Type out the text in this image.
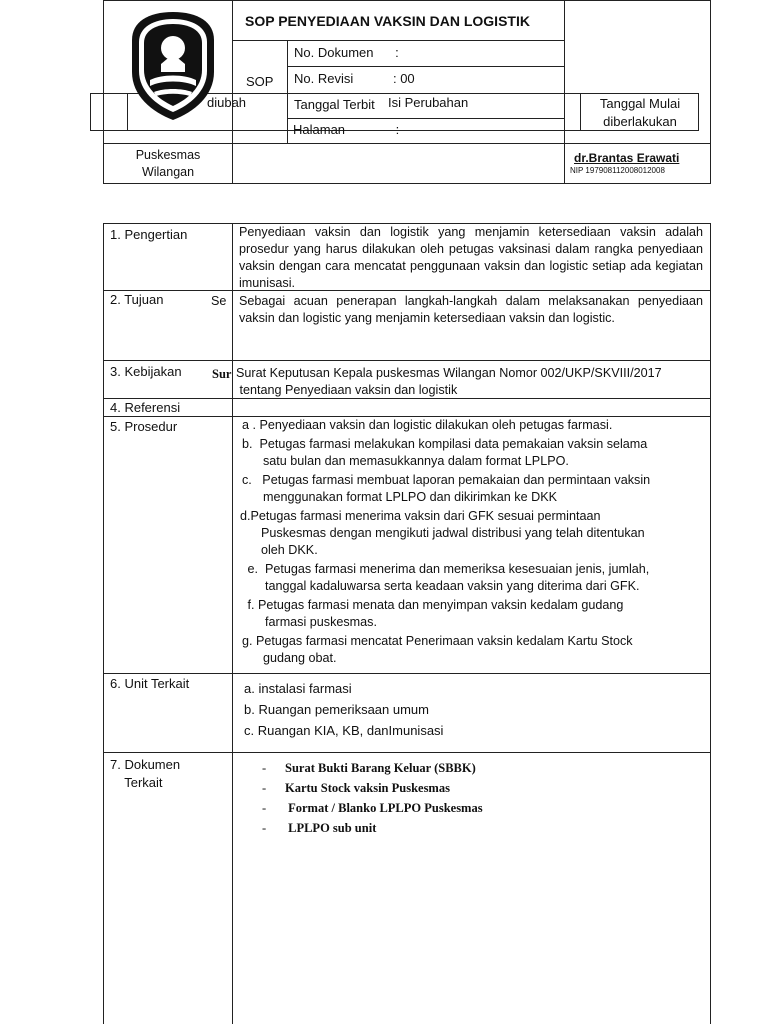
SOP PENYEDIAAN VAKSIN DAN LOGISTIK
SOP
No. Dokumen      :
No. Revisi           : 00
Tanggal Terbit
Halaman              :
diubah	Isi Perubahan	Tanggal Mulai
diberlakukan
Puskesmas
Wilangan
dr.Brantas Erawati
NIP 197908112008012008
1. Pengertian
2. Tujuan
3. Kebijakan
4. Referensi
5. Prosedur
6. Unit Terkait
7. Dokumen
Terkait
Penyediaan vaksin dan logistik yang menjamin ketersediaan vaksin adalah prosedur yang harus dilakukan oleh petugas vaksinasi dalam rangka penyediaan vaksin dengan cara mencatat penggunaan vaksin dan logistic setiap ada kegiatan imunisasi.
Se Sebagai acuan penerapan langkah-langkah dalam melaksanakan penyediaan vaksin dan logistic yang menjamin ketersediaan vaksin dan logistic.
Sur Surat Keputusan Kepala puskesmas Wilangan Nomor 002/UKP/SKVIII/2017
tentang Penyediaan vaksin dan logistik
a . Penyediaan vaksin dan logistic dilakukan oleh petugas farmasi.
b.  Petugas farmasi melakukan kompilasi data pemakaian vaksin selama
satu bulan dan memasukkannya dalam format LPLPO.
c.   Petugas farmasi membuat laporan pemakaian dan permintaan vaksin
menggunakan format LPLPO dan dikirimkan ke DKK
d.Petugas farmasi menerima vaksin dari GFK sesuai permintaan
Puskesmas dengan mengikuti jadwal distribusi yang telah ditentukan
oleh DKK.
e.  Petugas farmasi menerima dan memeriksa kesesuaian jenis, jumlah,
tanggal kadaluwarsa serta keadaan vaksin yang diterima dari GFK.
f. Petugas farmasi menata dan menyimpan vaksin kedalam gudang
farmasi puskesmas.
g. Petugas farmasi mencatat Penerimaan vaksin kedalam Kartu Stock
gudang obat.
a. instalasi farmasi
b. Ruangan pemeriksaan umum
c. Ruangan KIA, KB, danImunisasi
- Surat Bukti Barang Keluar (SBBK)
- Kartu Stock vaksin Puskesmas
- Format / Blanko LPLPO Puskesmas
- LPLPO sub unit
